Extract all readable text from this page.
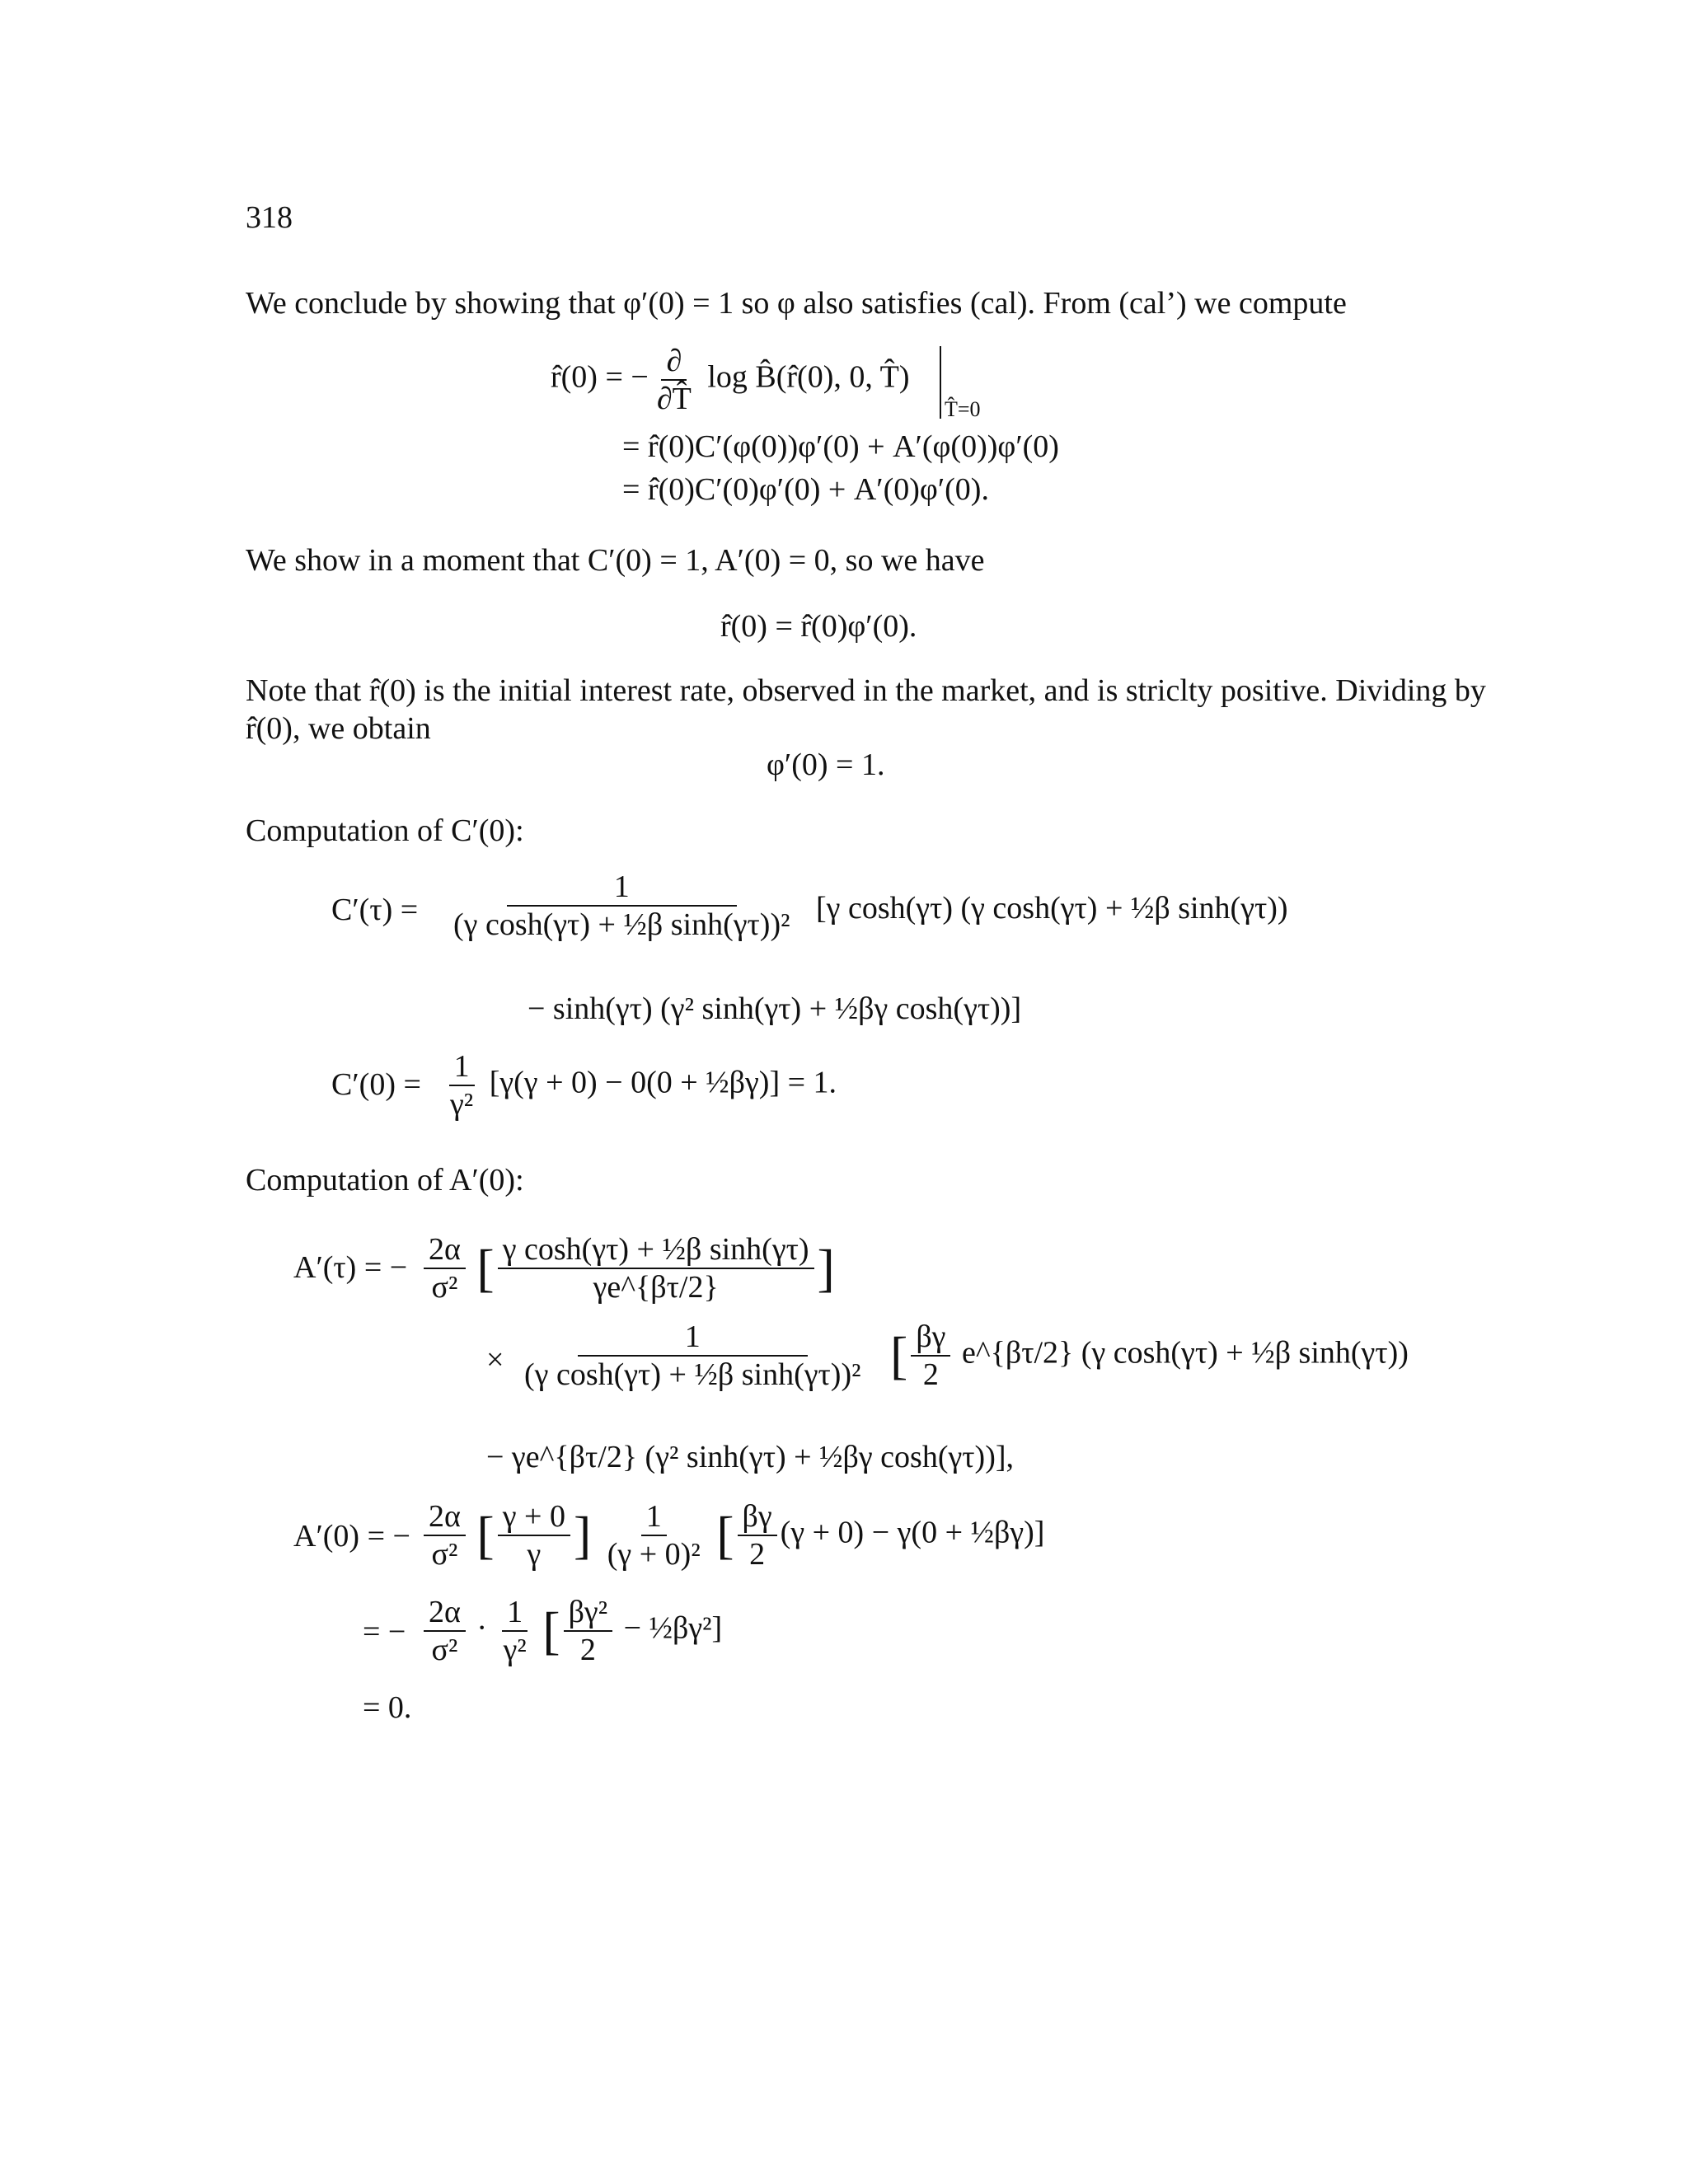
318
We conclude by showing that φ′(0) = 1 so φ also satisfies (cal). From (cal’) we compute
r̂(0) = − $\frac{\partial}{\partial T̂}$ log B̂(r̂(0), 0, T̂)
T̂=0
= r̂(0)C′(φ(0))φ′(0) + A′(φ(0))φ′(0)
= r̂(0)C′(0)φ′(0) + A′(0)φ′(0).
We show in a moment that C′(0) = 1, A′(0) = 0, so we have
r̂(0) = r̂(0)φ′(0).
Note that r̂(0) is the initial interest rate, observed in the market, and is striclty positive. Dividing by
r̂(0), we obtain
φ′(0) = 1.
Computation of C′(0):
$C'(\tau) = \frac{1}{\text{(γ cosh(γτ) + ½β sinh(γτ))²}} [\gamma$ cosh(γτ) (γ cosh(γτ) + ½β sinh(γτ))
− sinh(γτ) (γ² sinh(γτ) + ½βγ cosh(γτ))]
$C'(0) = \frac{1}{\text{γ²}} [\gamma(\gamma + 0) - 0(0$ + ½βγ)] = 1.
Computation of A′(0):
A′(τ) = − $\frac{2\alpha}{\text{σ²}}$ [ $\frac{\text{γ cosh(γτ) + ½β sinh(γτ)}}{\gamma e\^{}\{\beta\tau/2\}}$ ]
× $\frac{1}{\text{(γ cosh(γτ) + ½β sinh(γτ))²}}$ [ $\frac{\beta\gamma}{2}$ e^{βτ/2} (γ cosh(γτ) + ½β sinh(γτ))
− γe^{βτ/2} (γ² sinh(γτ) + ½βγ cosh(γτ))],
A′(0) = − $\frac{2\alpha}{\text{σ²}}$ [ $\frac{\gamma + 0}{\gamma}$ ] $\frac{1}{\text{(γ + 0)²}}$ [ $\frac{\beta\gamma}{2} (\gamma + 0) - \gamma(0$ + ½βγ)]
= − $\frac{2\alpha}{\text{σ²}} \cdot \frac{1}{\text{γ²}}$ [ $\frac{\text{βγ²}}{2}$ − ½βγ²]
= 0.
